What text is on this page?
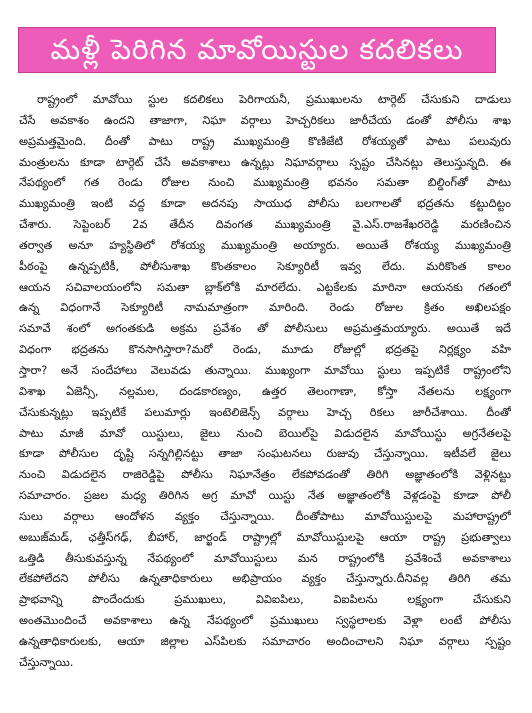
మళ్లీ పెరిగిన మావోయిస్టుల కదలికలు
రాష్ట్రంలో మావోయి స్టుల కదలికలు పెరిగాయనీ, ప్రముఖులను టార్గెట్ చేసుకుని దాడులు
చేసే అవకాశం ఉందని తాజాగా, నిఘా వర్గాలు హెచ్చరికలు జారీచేయ డంతో పోలీసు శాఖ
అప్రమత్తమైంది. దీంతో పాటు రాష్ట్ర ముఖ్యమంత్రి కొణిజేటి రోశయ్యతో పాటు పలువురు
మంత్రులను కూడా టార్గెట్ చేసే అవకాశాలు ఉన్నట్లు నిఘావర్గాలు స్పష్టం చేసినట్లు తెలుస్తున్నది. ఈ
నేపథ్యంలో గత రెండు రోజుల నుంచి ముఖ్యమంత్రి భవనం సమతా బిల్డింగ్‌తో పాటు
ముఖ్యమంత్రి ఇంటి వద్ద కూడా అదనపు సాయుధ పోలీసు బలగాలతో భద్రతను కట్టుదిట్టం
చేశారు. సెప్టెంబర్ 2వ తేదీన దివంగత ముఖ్యమంత్రి వై.ఎస్.రాజశేఖరరెడ్డి మరణించిన
తర్వాత అనూ హ్యస్థితిలో రోశయ్య ముఖ్యమంత్రి అయ్యారు. అయితే రోశయ్య ముఖ్యమంత్రి
పీఠంపై ఉన్నప్పటికీ, పోలీసుశాఖ కొంతకాలం సెక్యూరిటీ ఇవ్వ లేదు. మరికొంత కాలం
ఆయన సచివాలయంలోని సమతా బ్లాక్‌లోకి మారలేదు. ఎట్టకేలకు మారినా ఆయనకు గతంలో
ఉన్న విధంగానే సెక్యూరిటీ నామమాత్రంగా మారింది. రెండు రోజుల క్రితం అఖిలపక్షం
సమావే శంలో అగంతకుడి అక్రమ ప్రవేశం తో పోలీసులు అప్రమత్తమయ్యారు. అయితే ఇదే
విధంగా భద్రతను కొనసాగిస్తారా?మరో రెండు, మూడు రోజుల్లో భద్రతపై నిర్లక్ష్యం వహి
స్తారా? అనే సందేహాలు వెలువడు తున్నాయి. ముఖ్యంగా మావోయి స్టులు ఇప్పటికే రాష్ట్రంలోని
విశాఖ ఏజెన్సీ, నల్లమల, దండకారణ్యం, ఉత్తర తెలంగాణా, కోస్తా నేతలను లక్ష్యంగా
చేసుకున్నట్లు ఇప్పటికే పలుమార్లు ఇంటెలిజెన్స్ వర్గాలు హెచ్చ రికలు జారీచేశాయి. దీంతో
పాటు మాజీ మావో యిస్టులు, జైలు నుంచి బెయిల్‌పై విడుదలైన మావోయిస్టు అగ్రనేతలపై
కూడా పోలీసుల దృష్టి సన్నగిల్లినట్టు తాజా సంఘటనలు రుజువు చేస్తున్నాయి. ఇటీవలే జైలు
నుంచి విడుదలైన రాజిరెడ్డిపై పోలీసు నిఘానేత్రం లేకపోవడంతో తిరిగి అజ్ఞాతంలోకి వెళ్లినట్టు
సమాచారం. ప్రజల మధ్య తిరిగిన అగ్ర మావో యిస్టు నేత అజ్ఞాతంలోకి వెళ్లడంపై కూడా పోలీ
సులు వర్గాలు ఆందోళన వ్యక్తం చేస్తున్నాయి. దీంతోపాటు మావోయిస్టులపై మహారాష్ట్రలో
అబుజ్‌మడ్, ఛత్తీస్‌గఢ్, బీహార్, జార్ఖండ్ రాష్ట్రాల్లో మావోయిస్టులపై ఆయా రాష్ట్ర ప్రభుత్వాలు
ఒత్తిడి తీసుకువస్తున్న నేపథ్యంలో మావోయిస్టులు మన రాష్ట్రంలోకి ప్రవేశించే అవకాశాలు
లేకపోలేదని పోలీసు ఉన్నతాధికారులు అభిప్రాయం వ్యక్తం చేస్తున్నారు.దీనివల్ల తిరిగి తమ
ప్రాభవాన్ని పొందేందుకు ప్రముఖులు, వివిఐపిలు, విఐపిలను లక్ష్యంగా చేసుకుని
అంతమొందించే అవకాశాలు ఉన్న నేపథ్యంలో ప్రముఖులు స్వస్థలాలకు వెళ్లా లంటే పోలీసు
ఉన్నతాధికారులకు, ఆయా జిల్లాల ఎస్‌పిలకు సమాచారం అందించాలని నిఘా వర్గాలు స్పష్టం
చేస్తున్నాయి.
